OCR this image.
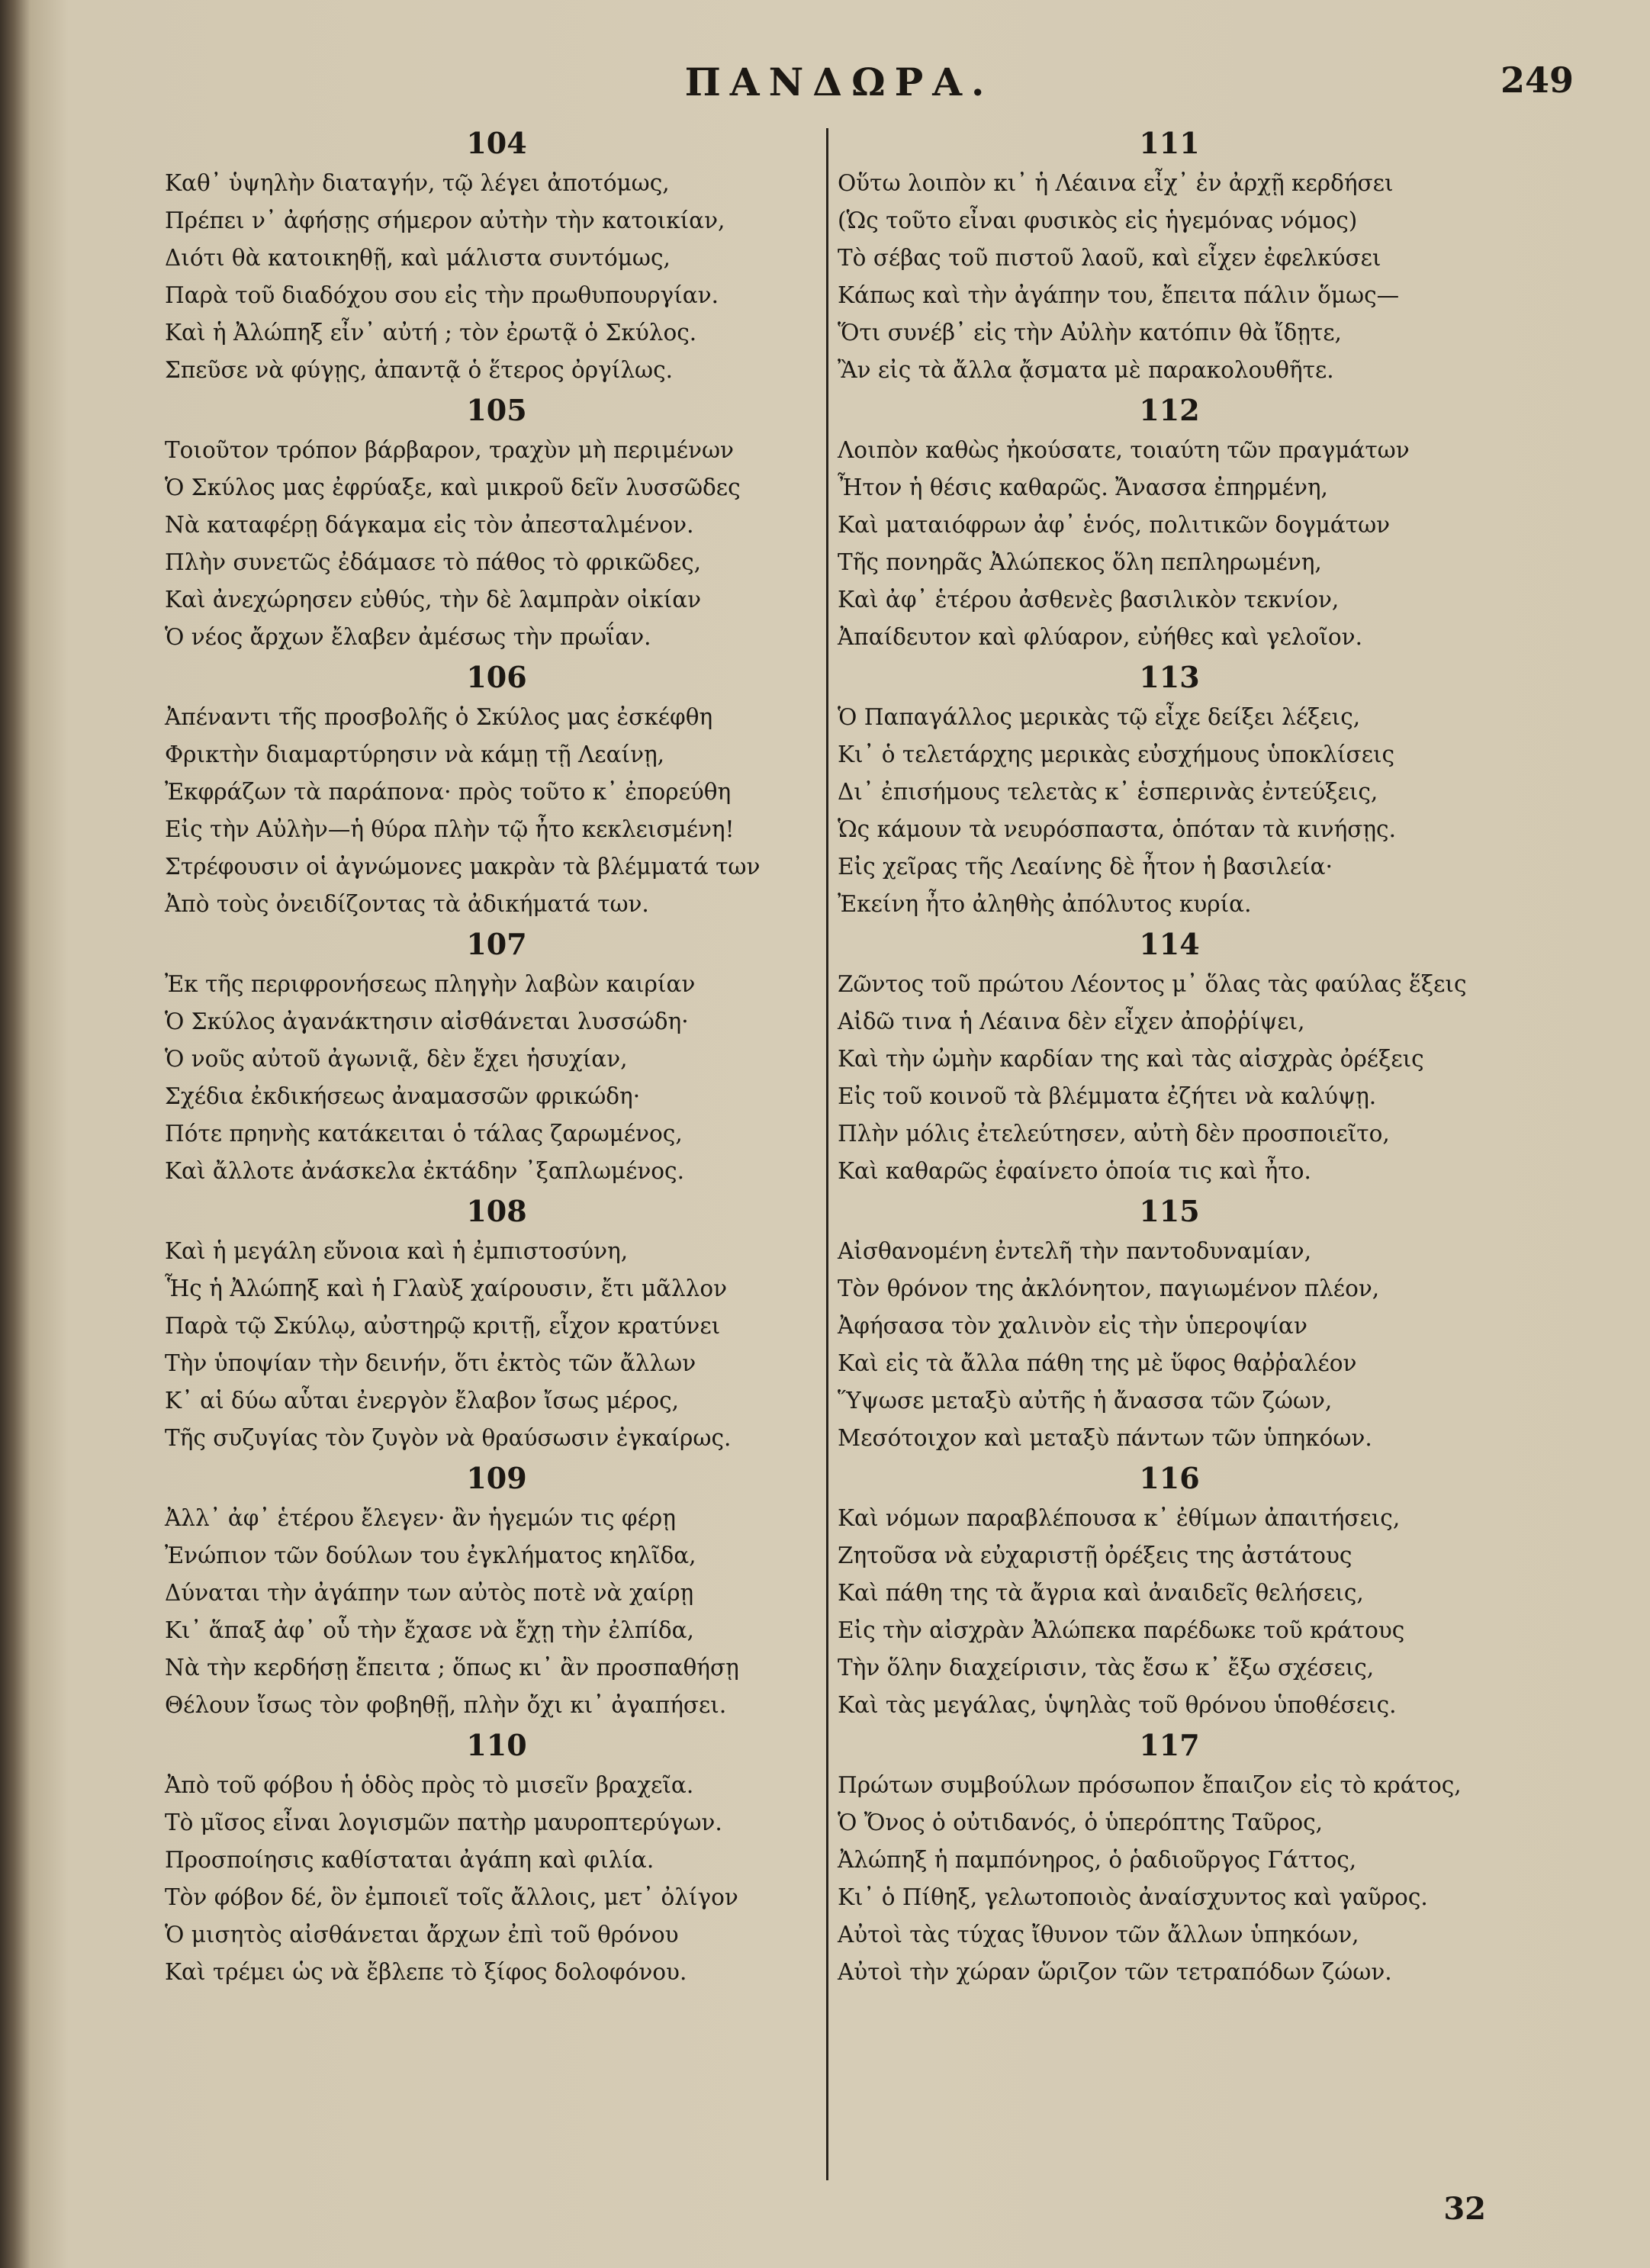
ΠΑΝΔΩΡΑ.	249
104
Καθ᾽ ὑψηλὴν διαταγήν, τῷ λέγει ἀποτόμως,
Πρέπει ν᾽ ἀφήσῃς σήμερον αὐτὴν τὴν κατοικίαν,
Διότι θὰ κατοικηθῇ, καὶ μάλιστα συντόμως,
Παρὰ τοῦ διαδόχου σου εἰς τὴν πρωθυπουργίαν.
Καὶ ἡ Ἀλώπηξ εἶν᾽ αὐτή ; τὸν ἐρωτᾷ ὁ Σκύλος.
Σπεῦσε νὰ φύγῃς, ἀπαντᾷ ὁ ἕτερος ὀργίλως.
105
Τοιοῦτον τρόπον βάρβαρον, τραχὺν μὴ περιμένων
Ὁ Σκύλος μας ἐφρύαξε, καὶ μικροῦ δεῖν λυσσῶδες
Νὰ καταφέρῃ δάγκαμα εἰς τὸν ἀπεσταλμένον.
Πλὴν συνετῶς ἐδάμασε τὸ πάθος τὸ φρικῶδες,
Καὶ ἀνεχώρησεν εὐθύς, τὴν δὲ λαμπρὰν οἰκίαν
Ὁ νέος ἄρχων ἔλαβεν ἀμέσως τὴν πρωΐαν.
106
Ἀπέναντι τῆς προσβολῆς ὁ Σκύλος μας ἐσκέφθη
Φρικτὴν διαμαρτύρησιν νὰ κάμῃ τῇ Λεαίνῃ,
Ἐκφράζων τὰ παράπονα· πρὸς τοῦτο κ᾽ ἐπορεύθη
Εἰς τὴν Αὐλὴν—ἡ θύρα πλὴν τῷ ἦτο κεκλεισμένη!
Στρέφουσιν οἱ ἀγνώμονες μακρὰν τὰ βλέμματά των
Ἀπὸ τοὺς ὀνειδίζοντας τὰ ἀδικήματά των.
107
Ἐκ τῆς περιφρονήσεως πληγὴν λαβὼν καιρίαν
Ὁ Σκύλος ἀγανάκτησιν αἰσθάνεται λυσσώδη·
Ὁ νοῦς αὐτοῦ ἀγωνιᾷ, δὲν ἔχει ἡσυχίαν,
Σχέδια ἐκδικήσεως ἀναμασσῶν φρικώδη·
Πότε πρηνὴς κατάκειται ὁ τάλας ζαρωμένος,
Καὶ ἄλλοτε ἀνάσκελα ἐκτάδην ᾽ξαπλωμένος.
108
Καὶ ἡ μεγάλη εὔνοια καὶ ἡ ἐμπιστοσύνη,
Ἧς ἡ Ἀλώπηξ καὶ ἡ Γλαὺξ χαίρουσιν, ἔτι μᾶλλον
Παρὰ τῷ Σκύλῳ, αὐστηρῷ κριτῇ, εἶχον κρατύνει
Τὴν ὑποψίαν τὴν δεινήν, ὅτι ἐκτὸς τῶν ἄλλων
Κ᾽ αἱ δύω αὗται ἐνεργὸν ἔλαβον ἴσως μέρος,
Τῆς συζυγίας τὸν ζυγὸν νὰ θραύσωσιν ἐγκαίρως.
109
Ἀλλ᾽ ἀφ᾽ ἑτέρου ἔλεγεν· ἂν ἡγεμών τις φέρῃ
Ἐνώπιον τῶν δούλων του ἐγκλήματος κηλῖδα,
Δύναται τὴν ἀγάπην των αὐτὸς ποτὲ νὰ χαίρῃ
Κι᾽ ἅπαξ ἀφ᾽ οὗ τὴν ἔχασε νὰ ἔχῃ τὴν ἐλπίδα,
Νὰ τὴν κερδήσῃ ἔπειτα ; ὅπως κι᾽ ἂν προσπαθήσῃ
Θέλουν ἴσως τὸν φοβηθῇ, πλὴν ὄχι κι᾽ ἀγαπήσει.
110
Ἀπὸ τοῦ φόβου ἡ ὁδὸς πρὸς τὸ μισεῖν βραχεῖα.
Τὸ μῖσος εἶναι λογισμῶν πατὴρ μαυροπτερύγων.
Προσποίησις καθίσταται ἀγάπη καὶ φιλία.
Τὸν φόβον δέ, ὃν ἐμποιεῖ τοῖς ἄλλοις, μετ᾽ ὀλίγον
Ὁ μισητὸς αἰσθάνεται ἄρχων ἐπὶ τοῦ θρόνου
Καὶ τρέμει ὡς νὰ ἔβλεπε τὸ ξίφος δολοφόνου.
111
Οὕτω λοιπὸν κι᾽ ἡ Λέαινα εἶχ᾽ ἐν ἀρχῇ κερδήσει
(Ὡς τοῦτο εἶναι φυσικὸς εἰς ἡγεμόνας νόμος)
Τὸ σέβας τοῦ πιστοῦ λαοῦ, καὶ εἶχεν ἐφελκύσει
Κάπως καὶ τὴν ἀγάπην του, ἔπειτα πάλιν ὅμως—
Ὅτι συνέβ᾽ εἰς τὴν Αὐλὴν κατόπιν θὰ ἴδῃτε,
Ἂν εἰς τὰ ἄλλα ᾄσματα μὲ παρακολουθῆτε.
112
Λοιπὸν καθὼς ἠκούσατε, τοιαύτη τῶν πραγμάτων
Ἦτον ἡ θέσις καθαρῶς. Ἄνασσα ἐπηρμένη,
Καὶ ματαιόφρων ἀφ᾽ ἑνός, πολιτικῶν δογμάτων
Τῆς πονηρᾶς Ἀλώπεκος ὅλη πεπληρωμένη,
Καὶ ἀφ᾽ ἑτέρου ἀσθενὲς βασιλικὸν τεκνίον,
Ἀπαίδευτον καὶ φλύαρον, εὐήθες καὶ γελοῖον.
113
Ὁ Παπαγάλλος μερικὰς τῷ εἶχε δείξει λέξεις,
Κι᾽ ὁ τελετάρχης μερικὰς εὐσχήμους ὑποκλίσεις
Δι᾽ ἐπισήμους τελετὰς κ᾽ ἑσπερινὰς ἐντεύξεις,
Ὡς κάμουν τὰ νευρόσπαστα, ὁπόταν τὰ κινήσῃς.
Εἰς χεῖρας τῆς Λεαίνης δὲ ἦτον ἡ βασιλεία·
Ἐκείνη ἦτο ἀληθὴς ἀπόλυτος κυρία.
114
Ζῶντος τοῦ πρώτου Λέοντος μ᾽ ὅλας τὰς φαύλας ἕξεις
Αἰδῶ τινα ἡ Λέαινα δὲν εἶχεν ἀποῤῥίψει,
Καὶ τὴν ὠμὴν καρδίαν της καὶ τὰς αἰσχρὰς ὀρέξεις
Εἰς τοῦ κοινοῦ τὰ βλέμματα ἐζήτει νὰ καλύψῃ.
Πλὴν μόλις ἐτελεύτησεν, αὐτὴ δὲν προσποιεῖτο,
Καὶ καθαρῶς ἐφαίνετο ὁποία τις καὶ ἦτο.
115
Αἰσθανομένη ἐντελῆ τὴν παντοδυναμίαν,
Τὸν θρόνον της ἀκλόνητον, παγιωμένον πλέον,
Ἀφήσασα τὸν χαλινὸν εἰς τὴν ὑπεροψίαν
Καὶ εἰς τὰ ἄλλα πάθη της μὲ ὕφος θαῤῥαλέον
Ὕψωσε μεταξὺ αὐτῆς ἡ ἄνασσα τῶν ζώων,
Μεσότοιχον καὶ μεταξὺ πάντων τῶν ὑπηκόων.
116
Καὶ νόμων παραβλέπουσα κ᾽ ἐθίμων ἀπαιτήσεις,
Ζητοῦσα νὰ εὐχαριστῇ ὀρέξεις της ἀστάτους
Καὶ πάθη της τὰ ἄγρια καὶ ἀναιδεῖς θελήσεις,
Εἰς τὴν αἰσχρὰν Ἀλώπεκα παρέδωκε τοῦ κράτους
Τὴν ὅλην διαχείρισιν, τὰς ἔσω κ᾽ ἔξω σχέσεις,
Καὶ τὰς μεγάλας, ὑψηλὰς τοῦ θρόνου ὑποθέσεις.
117
Πρώτων συμβούλων πρόσωπον ἔπαιζον εἰς τὸ κράτος,
Ὁ Ὄνος ὁ οὐτιδανός, ὁ ὑπερόπτης Ταῦρος,
Ἀλώπηξ ἡ παμπόνηρος, ὁ ῥαδιοῦργος Γάττος,
Κι᾽ ὁ Πίθηξ, γελωτοποιὸς ἀναίσχυντος καὶ γαῦρος.
Αὐτοὶ τὰς τύχας ἴθυνον τῶν ἄλλων ὑπηκόων,
Αὐτοὶ τὴν χώραν ὥριζον τῶν τετραπόδων ζώων.
32
